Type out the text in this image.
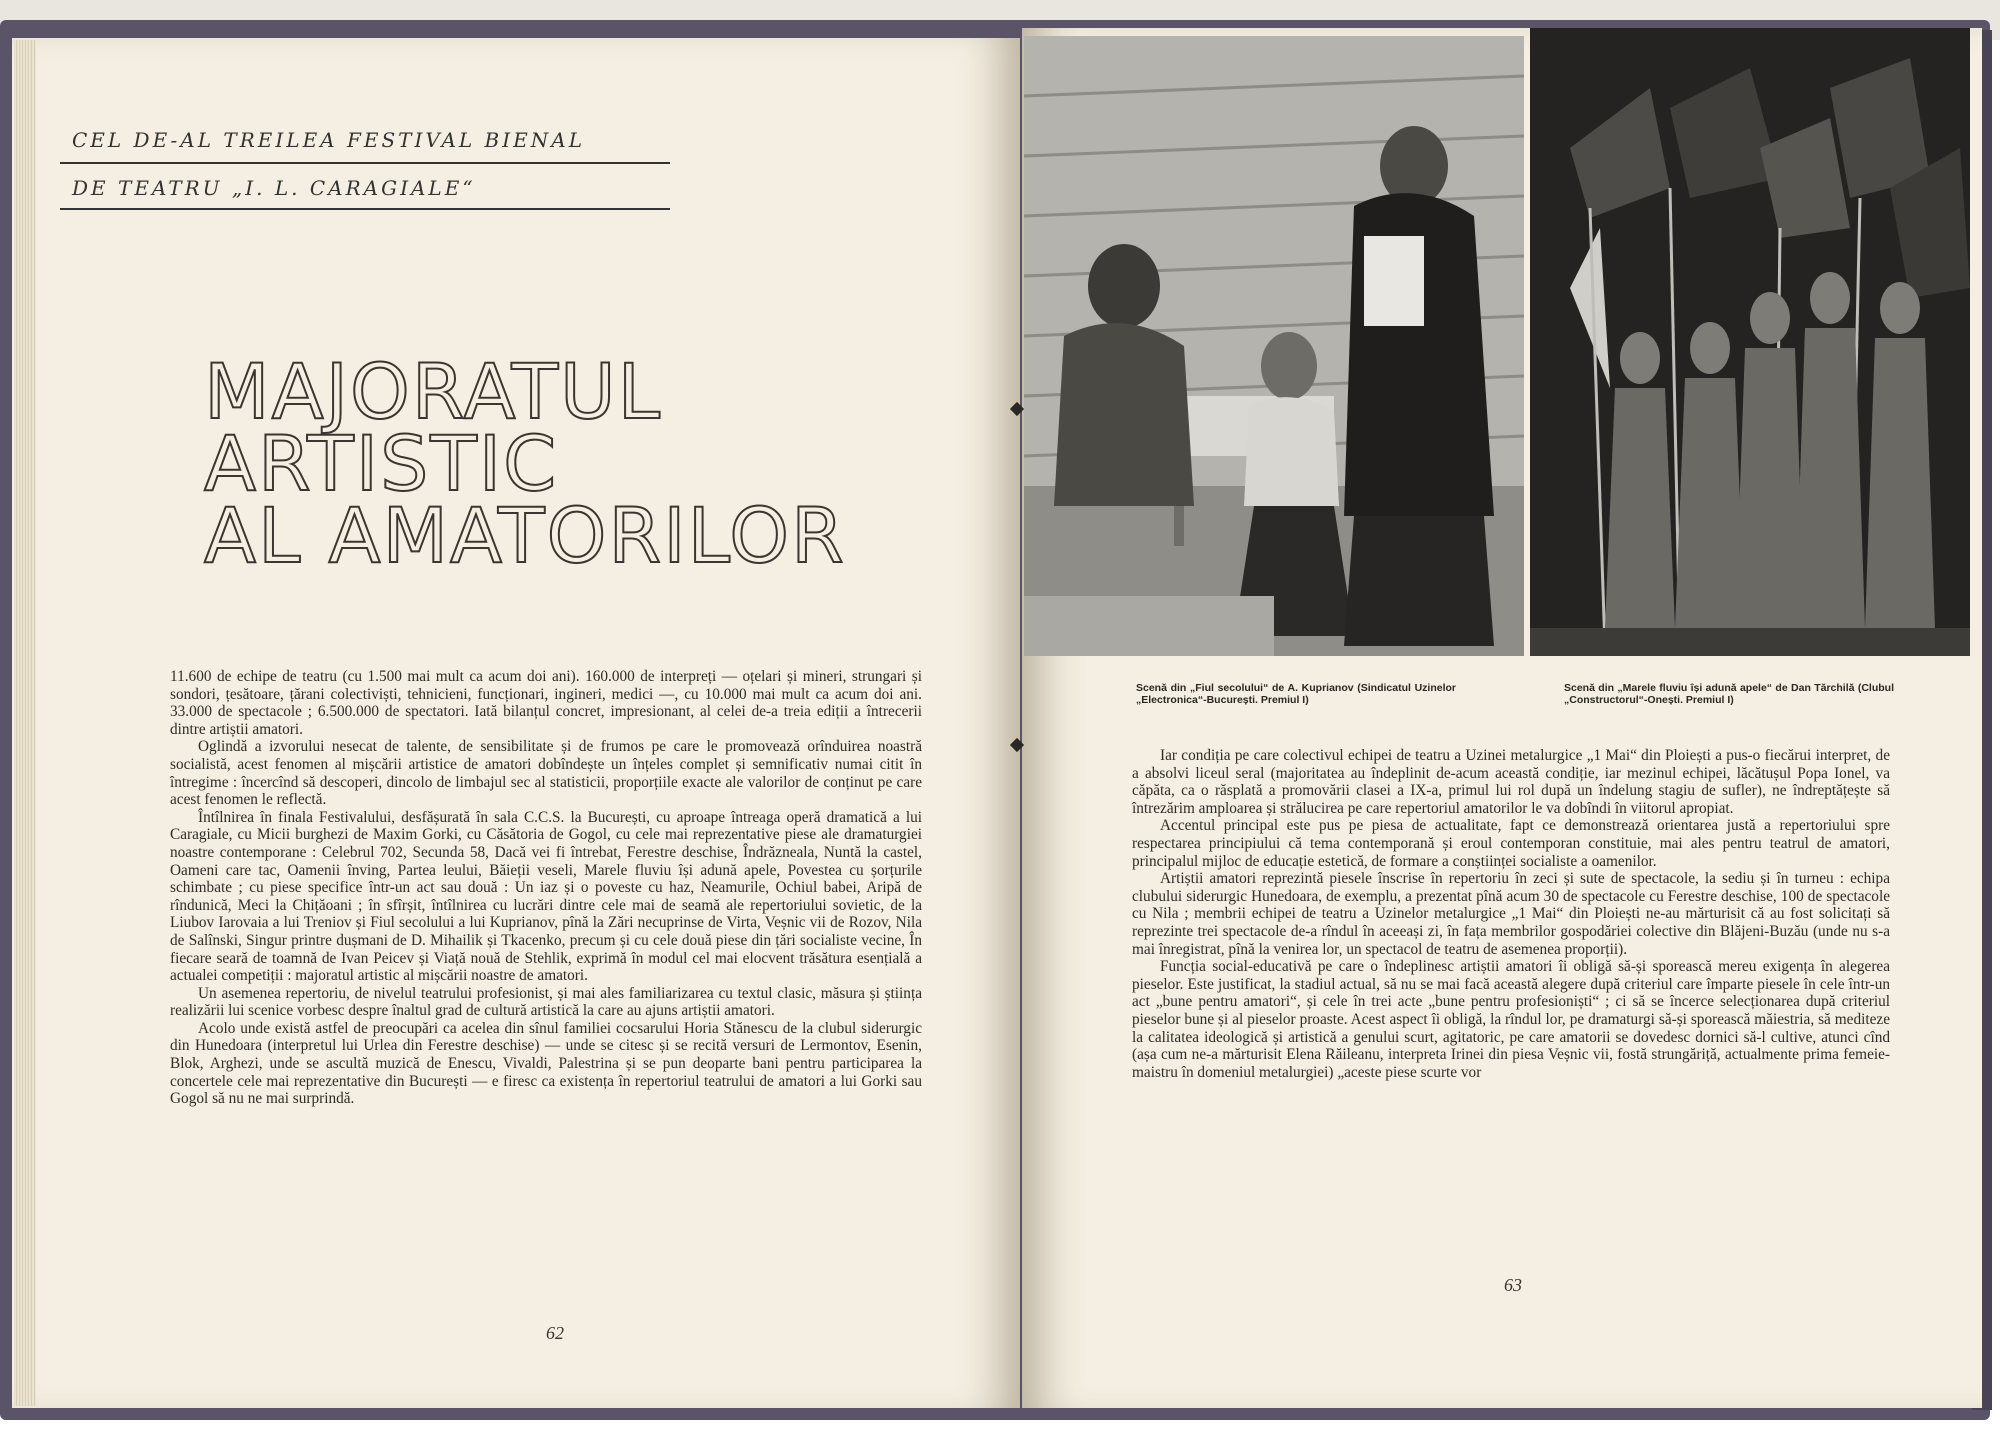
CEL DE-AL TREILEA FESTIVAL BIENAL
DE TEATRU „I. L. CARAGIALE“
MAJORATUL
ARTISTIC
AL AMATORILOR

11.600 de echipe de teatru (cu 1.500 mai mult ca acum doi ani). 160.000 de interpreți — oțelari și mineri, strungari și sondori, țesătoare, țărani colectiviști, tehnicieni, funcționari, ingineri, medici —, cu 10.000 mai mult ca acum doi ani. 33.000 de spectacole ; 6.500.000 de spectatori. Iată bilanțul concret, impresionant, al celei de-a treia ediții a întrecerii dintre artiștii amatori.

Oglindă a izvorului nesecat de talente, de sensibilitate și de frumos pe care le promovează orînduirea noastră socialistă, acest fenomen al mișcării artistice de amatori dobîndește un înțeles complet și semnificativ numai citit în întregime : încercînd să descoperi, dincolo de limbajul sec al statisticii, proporțiile exacte ale valorilor de conținut pe care acest fenomen le reflectă.

Întîlnirea în finala Festivalului, desfășurată în sala C.C.S. la București, cu aproape întreaga operă dramatică a lui Caragiale, cu Micii burghezi de Maxim Gorki, cu Căsătoria de Gogol, cu cele mai reprezentative piese ale dramaturgiei noastre contemporane : Celebrul 702, Secunda 58, Dacă vei fi întrebat, Ferestre deschise, Îndrăzneala, Nuntă la castel, Oameni care tac, Oamenii înving, Partea leului, Băieții veseli, Marele fluviu își adună apele, Povestea cu șorțurile schimbate ; cu piese specifice într-un act sau două : Un iaz și o poveste cu haz, Neamurile, Ochiul babei, Aripă de rîndunică, Meci la Chițăoani ; în sfîrșit, întîlnirea cu lucrări dintre cele mai de seamă ale repertoriului sovietic, de la Liubov Iarovaia a lui Treniov și Fiul secolului a lui Kuprianov, pînă la Zări necuprinse de Virta, Veșnic vii de Rozov, Nila de Salînski, Singur printre dușmani de D. Mihailik și Tkacenko, precum și cu cele două piese din țări socialiste vecine, În fiecare seară de toamnă de Ivan Peicev și Viață nouă de Stehlik, exprimă în modul cel mai elocvent trăsătura esențială a actualei competiții : majoratul artistic al mișcării noastre de amatori.

Un asemenea repertoriu, de nivelul teatrului profesionist, și mai ales familiarizarea cu textul clasic, măsura și știința realizării lui scenice vorbesc despre înaltul grad de cultură artistică la care au ajuns artiștii amatori.

Acolo unde există astfel de preocupări ca acelea din sînul familiei cocsarului Horia Stănescu de la clubul siderurgic din Hunedoara (interpretul lui Urlea din Ferestre deschise) — unde se citesc și se recită versuri de Lermontov, Esenin, Blok, Arghezi, unde se ascultă muzică de Enescu, Vivaldi, Palestrina și se pun deoparte bani pentru participarea la concertele cele mai reprezentative din București — e firesc ca existența în repertoriul teatrului de amatori a lui Gorki sau Gogol să nu ne mai surprindă.

62
Scenă din „Fiul secolului“ de A. Kuprianov (Sindicatul Uzinelor „Electronica“-București. Premiul I)
Scenă din „Marele fluviu își adună apele“ de Dan Tărchilă (Clubul „Constructorul“-Onești. Premiul I)

Iar condiția pe care colectivul echipei de teatru a Uzinei metalurgice „1 Mai“ din Ploiești a pus-o fiecărui interpret, de a absolvi liceul seral (majoritatea au îndeplinit de-acum această condiție, iar mezinul echipei, lăcătușul Popa Ionel, va căpăta, ca o răsplată a promovării clasei a IX-a, primul lui rol după un îndelung stagiu de sufler), ne îndreptățește să întrezărim amploarea și strălucirea pe care repertoriul amatorilor le va dobîndi în viitorul apropiat.

Accentul principal este pus pe piesa de actualitate, fapt ce demonstrează orientarea justă a repertoriului spre respectarea principiului că tema contemporană și eroul contemporan constituie, mai ales pentru teatrul de amatori, principalul mijloc de educație estetică, de formare a conștiinței socialiste a oamenilor.

Artiștii amatori reprezintă piesele înscrise în repertoriu în zeci și sute de spectacole, la sediu și în turneu : echipa clubului siderurgic Hunedoara, de exemplu, a prezentat pînă acum 30 de spectacole cu Ferestre deschise, 100 de spectacole cu Nila ; membrii echipei de teatru a Uzinelor metalurgice „1 Mai“ din Ploiești ne-au mărturisit că au fost solicitați să reprezinte trei spectacole de-a rîndul în aceeași zi, în fața membrilor gospodăriei colective din Blăjeni-Buzău (unde nu s-a mai înregistrat, pînă la venirea lor, un spectacol de teatru de asemenea proporții).

Funcția social-educativă pe care o îndeplinesc artiștii amatori îi obligă să-și sporească mereu exigența în alegerea pieselor. Este justificat, la stadiul actual, să nu se mai facă această alegere după criteriul care împarte piesele în cele într-un act „bune pentru amatori“, și cele în trei acte „bune pentru profesioniști“ ; ci să se încerce selecționarea după criteriul pieselor bune și al pieselor proaste. Acest aspect îi obligă, la rîndul lor, pe dramaturgi să-și sporească măiestria, să mediteze la calitatea ideologică și artistică a genului scurt, agitatoric, pe care amatorii se dovedesc dornici să-l cultive, atunci cînd (așa cum ne-a mărturisit Elena Răileanu, interpreta Irinei din piesa Veșnic vii, fostă strungăriță, actualmente prima femeie-maistru în domeniul metalurgiei) „aceste piese scurte vor

63
